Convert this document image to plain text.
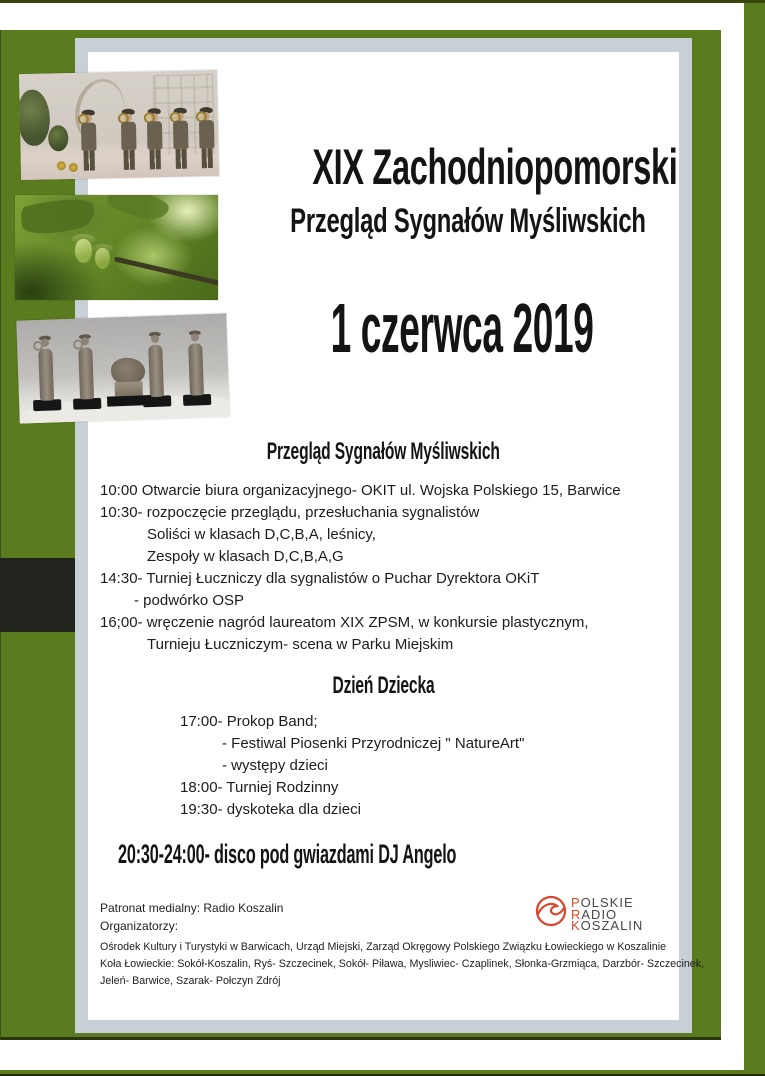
XIX Zachodniopomorski
Przegląd Sygnałów Myśliwskich
1 czerwca 2019
Przegląd Sygnałów Myśliwskich
10:00 Otwarcie biura organizacyjnego- OKIT ul. Wojska Polskiego 15, Barwice
10:30- rozpoczęcie przeglądu, przesłuchania sygnalistów
Soliści w klasach D,C,B,A, leśnicy,
Zespoły w klasach D,C,B,A,G
14:30- Turniej Łuczniczy dla sygnalistów o Puchar Dyrektora OKiT
- podwórko OSP
16;00- wręczenie nagród laureatom XIX ZPSM, w konkursie plastycznym,
Turnieju Łuczniczym- scena w Parku Miejskim
Dzień Dziecka
17:00- Prokop Band;
- Festiwal Piosenki Przyrodniczej " NatureArt"
- występy dzieci
18:00- Turniej Rodzinny
19:30- dyskoteka dla dzieci
20:30-24:00- disco pod gwiazdami DJ Angelo
Patronat medialny: Radio Koszalin
Organizatorzy:
POLSKIE
RADIO
KOSZALIN
Ośrodek Kultury i Turystyki w Barwicach, Urząd Miejski, Zarząd Okręgowy Polskiego Związku Łowieckiego w Koszalinie
Koła Łowieckie: Sokół-Koszalin, Ryś- Szczecinek, Sokół- Piława, Mysliwiec- Czaplinek, Słonka-Grzmiąca, Darzbór- Szczecinek,
Jeleń- Barwice, Szarak- Połczyn Zdrój
